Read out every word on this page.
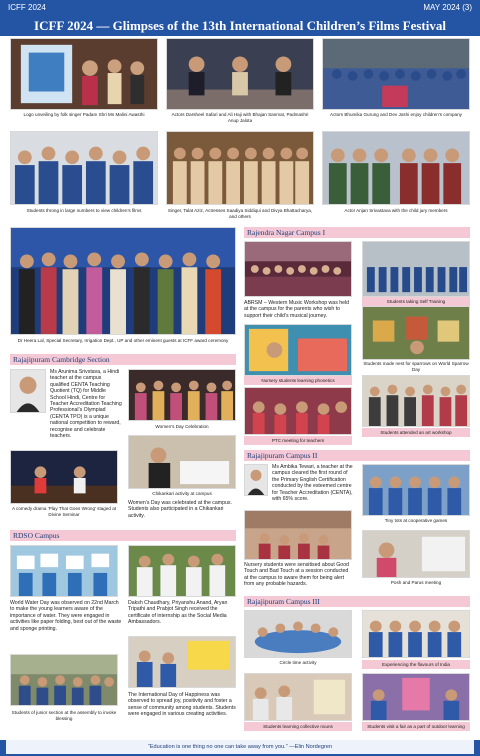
ICFF 2024	MAY 2024 (3)
ICFF 2024 — Glimpses of the 13th International Children’s Films Festival
Logo unveiling by folk singer Padam Shri Ms Malini Awasthi	Actors Darsheel Safari and Ali Haji with Bhajan Sanmat, Padmashri Anup Jalota
Actors Bhumika Gurung and Dev Joshi enjoy children’s company
Students throng in large numbers to view children’s films	Singer, Talat Aziz, Actresses Saadiya Siddiqui and Divya Bhattacharya, and others
Actor Anjan Srivastava with the child jury members
Dr Heera Lal, Special Secretary, Irrigation Dept., UP and other eminent guests at ICFF award ceremony
Rajendra Nagar Campus I
ABRSM – Western Music Workshop was held at the campus for the parents who wish to support their child’s musical journey.
Students taking Self Training
Nursery students learning phonetics
Students made nest for sparrows on World Sparrow Day
PTC meeting for teachers
Students attended an art workshop
Rajajipuram Cambridge Section
Ms Arunima Srivstava, a Hindi teacher at the campus qualified CENTA Teaching Quotient (TQ) for Middle School Hindi, Centre for Teacher Accreditation Teaching Professional’s Olympiad (CENTA TPO) is a unique national competition to reward, recognise and celebrate teachers.
Women’s Day Celebration
A comedy drama ‘Play That Goes Wrong’ staged at Divine Seminar
Chikankari activity at campus
Women’s Day was celebrated at the campus. Students also participated in a Chikankari activity.
Rajajipuram Campus II
Ms Ambika Tewari, a teacher at the campus cleared the first round of the Primary English Certification conducted by the esteemed centre for Teacher Accreditation (CENTA), with 65% score.
Tiny tots at cooperative games
Nursery students were sensitised about Good Touch and Bad Touch at a session conducted at the campus to aware them for being alert from any probable hazards.	Posh and Parus meeting
Rajajipuram Campus III
Circle time activity	Experiencing the flavours of India
Students learning collective nouns	Students visit a fair as a part of outdoor learning
RDSO Campus
World Water Day was observed on 22nd March to make the young learners aware of the importance of water. They were engaged in activities like paper folding, best out of the waste and sponge printing.
Daksh Chaudhary, Priyanshu Anand, Aryan Tripathi and Prabjot Singh received the certificate of internship as the Social Media Ambassadors.
Students of junior section at the assembly to invoke blessing
The International Day of Happiness was observed to spread joy, positivity and foster a sense of community among students. Students were engaged in various creating activities.
“Education is one thing no one can take away from you.” —Elin Nordegren
